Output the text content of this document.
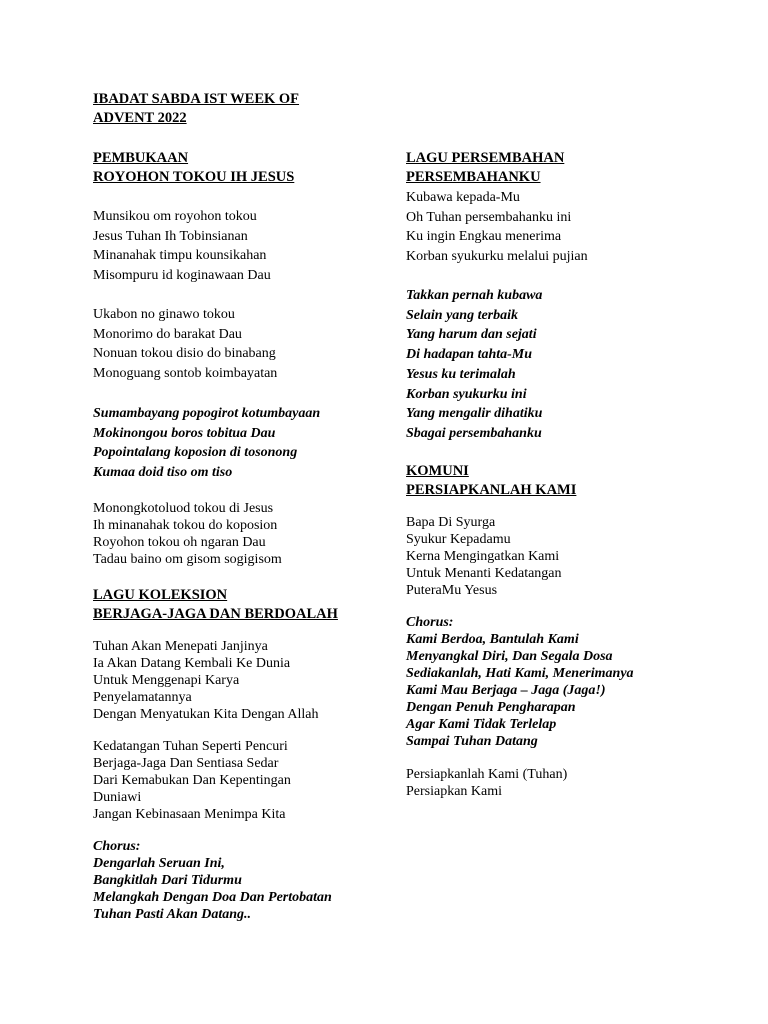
IBADAT SABDA IST WEEK OF
ADVENT 2022
PEMBUKAAN
ROYOHON TOKOU IH JESUS
Munsikou om royohon tokou
Jesus Tuhan Ih Tobinsianan
Minanahak timpu kounsikahan
Misompuru id koginawaan Dau
Ukabon no ginawo tokou
Monorimo do barakat Dau
Nonuan tokou disio do binabang
Monoguang sontob koimbayatan
Sumambayang popogirot kotumbayaan
Mokinongou boros tobitua Dau
Popointalang koposion di tosonong
Kumaa doid tiso om tiso
Monongkotoluod tokou di Jesus
Ih minanahak tokou do koposion
Royohon tokou oh ngaran Dau
Tadau baino om gisom sogigisom
LAGU KOLEKSION
BERJAGA-JAGA DAN BERDOALAH
Tuhan Akan Menepati Janjinya
Ia Akan Datang Kembali Ke Dunia
Untuk Menggenapi Karya
Penyelamatannya
Dengan Menyatukan Kita Dengan Allah
Kedatangan Tuhan Seperti Pencuri
Berjaga-Jaga Dan Sentiasa Sedar
Dari Kemabukan Dan Kepentingan
Duniawi
Jangan Kebinasaan Menimpa Kita
Chorus:
Dengarlah Seruan Ini,
Bangkitlah Dari Tidurmu
Melangkah Dengan Doa Dan Pertobatan
Tuhan Pasti Akan Datang..
LAGU PERSEMBAHAN
PERSEMBAHANKU
Kubawa kepada-Mu
Oh Tuhan persembahanku ini
Ku ingin Engkau menerima
Korban syukurku melalui pujian
Takkan pernah kubawa
Selain yang terbaik
Yang harum dan sejati
Di hadapan tahta-Mu
Yesus ku terimalah
Korban syukurku ini
Yang mengalir dihatiku
Sbagai persembahanku
KOMUNI
PERSIAPKANLAH KAMI
Bapa Di Syurga
Syukur Kepadamu
Kerna Mengingatkan Kami
Untuk Menanti Kedatangan
PuteraMu Yesus
Chorus:
Kami Berdoa, Bantulah Kami
Menyangkal Diri, Dan Segala Dosa
Sediakanlah, Hati Kami, Menerimanya
Kami Mau Berjaga – Jaga (Jaga!)
Dengan Penuh Pengharapan
Agar Kami Tidak Terlelap
Sampai Tuhan Datang
Persiapkanlah Kami (Tuhan)
Persiapkan Kami
